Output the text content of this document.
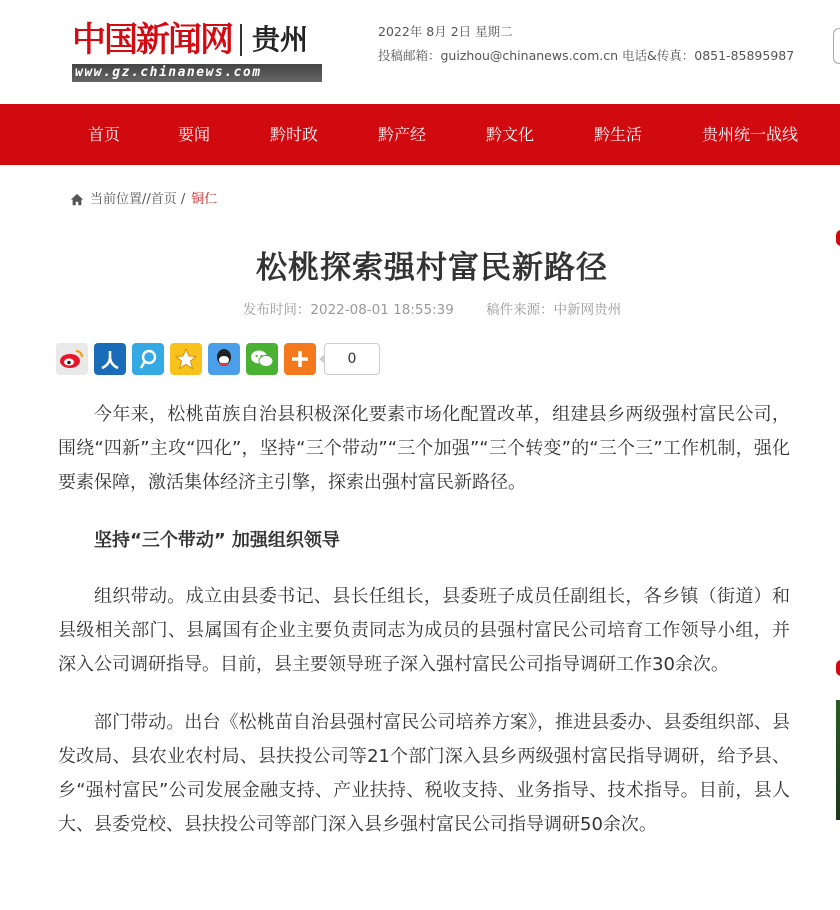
中国新闻网 贵州
www.gz.chinanews.com
2022年 8月 2日 星期二
投稿邮箱：guizhou@chinanews.com.cn 电话&传真：0851-85895987
首页	要闻	黔时政	黔产经	黔文化	黔生活	贵州统一战线
当前位置//首页 / 铜仁
松桃探索强村富民新路径
发布时间：2022-08-01 18:55:39 稿件来源：中新网贵州
0

今年来，松桃苗族自治县积极深化要素市场化配置改革，组建县乡两级强村富民公司，围绕“四新”主攻“四化”，坚持“三个带动”“三个加强”“三个转变”的“三个三”工作机制，强化要素保障，激活集体经济主引擎，探索出强村富民新路径。

坚持“三个带动” 加强组织领导

组织带动。成立由县委书记、县长任组长，县委班子成员任副组长，各乡镇（街道）和县级相关部门、县属国有企业主要负责同志为成员的县强村富民公司培育工作领导小组，并深入公司调研指导。目前，县主要领导班子深入强村富民公司指导调研工作30余次。

部门带动。出台《松桃苗自治县强村富民公司培养方案》，推进县委办、县委组织部、县发改局、县农业农村局、县扶投公司等21个部门深入县乡两级强村富民指导调研，给予县、乡“强村富民”公司发展金融支持、产业扶持、税收支持、业务指导、技术指导。目前，县人大、县委党校、县扶投公司等部门深入县乡强村富民公司指导调研50余次。
